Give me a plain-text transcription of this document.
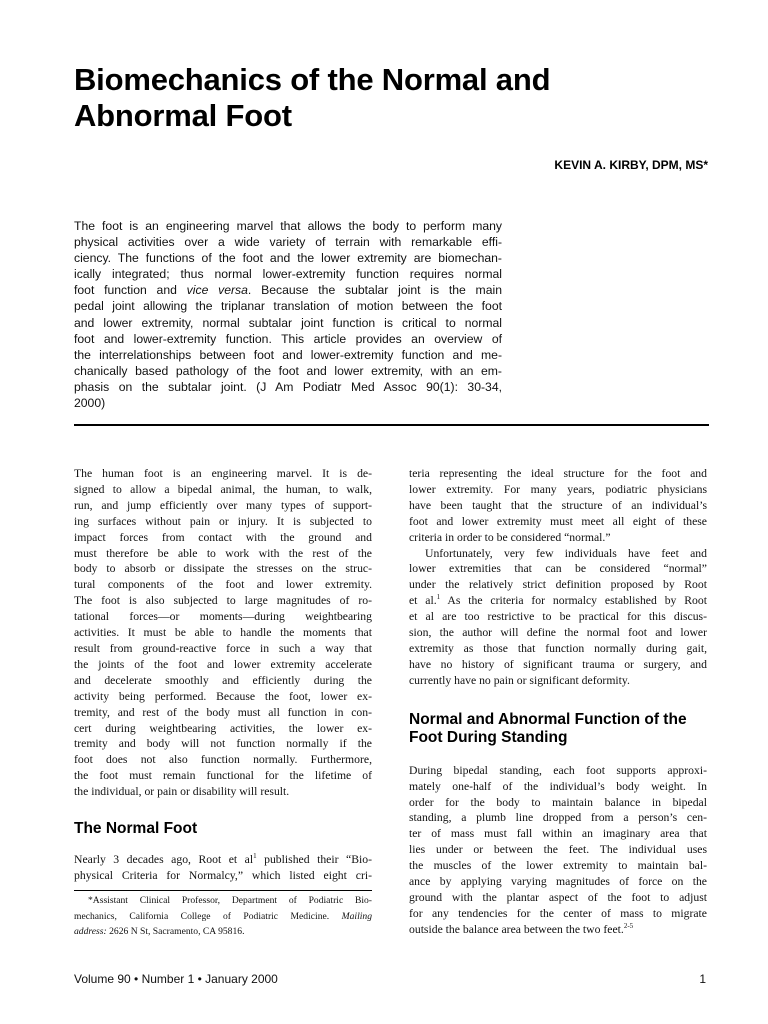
Biomechanics of the Normal and
Abnormal Foot

KEVIN A. KIRBY, DPM, MS*

The foot is an engineering marvel that allows the body to perform many
physical activities over a wide variety of terrain with remarkable effi-
ciency. The functions of the foot and the lower extremity are biomechan-
ically integrated; thus normal lower-extremity function requires normal
foot function and vice versa. Because the subtalar joint is the main
pedal joint allowing the triplanar translation of motion between the foot
and lower extremity, normal subtalar joint function is critical to normal
foot and lower-extremity function. This article provides an overview of
the interrelationships between foot and lower-extremity function and me-
chanically based pathology of the foot and lower extremity, with an em-
phasis on the subtalar joint. (J Am Podiatr Med Assoc 90(1): 30-34,
2000)

The human foot is an engineering marvel. It is de-
signed to allow a bipedal animal, the human, to walk,
run, and jump efficiently over many types of support-
ing surfaces without pain or injury. It is subjected to
impact forces from contact with the ground and
must therefore be able to work with the rest of the
body to absorb or dissipate the stresses on the struc-
tural components of the foot and lower extremity.
The foot is also subjected to large magnitudes of ro-
tational forces—or moments—during weightbearing
activities. It must be able to handle the moments that
result from ground-reactive force in such a way that
the joints of the foot and lower extremity accelerate
and decelerate smoothly and efficiently during the
activity being performed. Because the foot, lower ex-
tremity, and rest of the body must all function in con-
cert during weightbearing activities, the lower ex-
tremity and body will not function normally if the
foot does not also function normally. Furthermore,
the foot must remain functional for the lifetime of
the individual, or pain or disability will result.

The Normal Foot

Nearly 3 decades ago, Root et $al^1$ published their “Bio-
physical Criteria for Normalcy,” which listed eight cri-

*Assistant Clinical Professor, Department of Podiatric Bio-
mechanics, California College of Podiatric Medicine. Mailing
address: 2626 N St, Sacramento, CA 95816.

teria representing the ideal structure for the foot and
lower extremity. For many years, podiatric physicians
have been taught that the structure of an individual’s
foot and lower extremity must meet all eight of these
criteria in order to be considered “normal.”

Unfortunately, very few individuals have feet and
lower extremities that can be considered “normal”
under the relatively strict definition proposed by Root
et al.$^1$ As the criteria for normalcy established by Root
et al are too restrictive to be practical for this discus-
sion, the author will define the normal foot and lower
extremity as those that function normally during gait,
have no history of significant trauma or surgery, and
currently have no pain or significant deformity.

Normal and Abnormal Function of the
Foot During Standing

During bipedal standing, each foot supports approxi-
mately one-half of the individual’s body weight. In
order for the body to maintain balance in bipedal
standing, a plumb line dropped from a person’s cen-
ter of mass must fall within an imaginary area that
lies under or between the feet. The individual uses
the muscles of the lower extremity to maintain bal-
ance by applying varying magnitudes of force on the
ground with the plantar aspect of the foot to adjust
for any tendencies for the center of mass to migrate
outside the balance area between the two feet.$^{2-5}$

Volume 90 • Number 1 • January 2000	1
